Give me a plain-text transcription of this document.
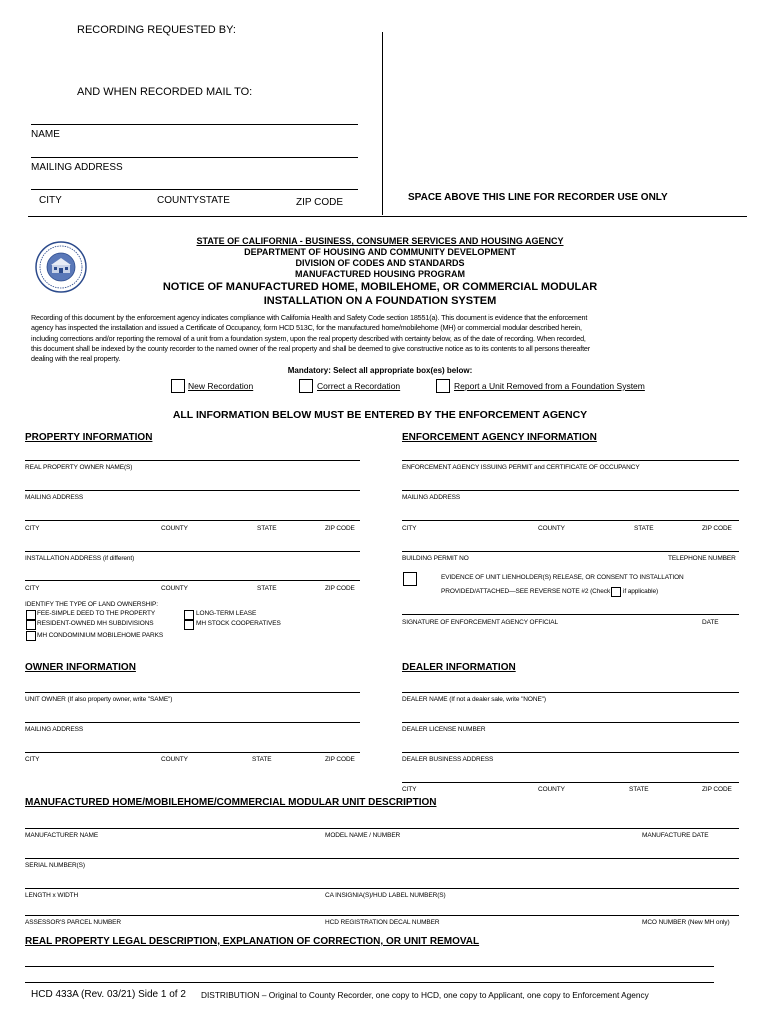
RECORDING REQUESTED BY:
AND WHEN RECORDED MAIL TO:
NAME
MAILING ADDRESS
CITY	COUNTYSTATE	ZIP CODE	SPACE ABOVE THIS LINE FOR RECORDER USE ONLY
STATE OF CALIFORNIA - BUSINESS, CONSUMER SERVICES AND HOUSING AGENCY
DEPARTMENT OF HOUSING AND COMMUNITY DEVELOPMENT
DIVISION OF CODES AND STANDARDS
MANUFACTURED HOUSING PROGRAM
NOTICE OF MANUFACTURED HOME, MOBILEHOME, OR COMMERCIAL MODULAR
INSTALLATION ON A FOUNDATION SYSTEM
Recording of this document by the enforcement agency indicates compliance with California Health and Safety Code section 18551(a). This document is evidence that the enforcement
agency has inspected the installation and issued a Certificate of Occupancy, form HCD 513C, for the manufactured home/mobilehome (MH) or commercial modular described herein,
including corrections and/or reporting the removal of a unit from a foundation system, upon the real property described with certainty below, as of the date of recording. When recorded,
this document shall be indexed by the county recorder to the named owner of the real property and shall be deemed to give constructive notice as to its contents to all persons thereafter
dealing with the real property.
Mandatory: Select all appropriate box(es) below:
New Recordation	Correct a Recordation	Report a Unit Removed from a Foundation System
ALL INFORMATION BELOW MUST BE ENTERED BY THE ENFORCEMENT AGENCY
PROPERTY INFORMATION
REAL PROPERTY OWNER NAME(S)
MAILING ADDRESS
CITY	COUNTY	STATE	ZIP CODE
INSTALLATION ADDRESS (if different)
CITY	COUNTY	STATE	ZIP CODE
IDENTIFY THE TYPE OF LAND OWNERSHIP:
FEE-SIMPLE DEED TO THE PROPERTY
RESIDENT-OWNED MH SUBDIVISIONS
MH CONDOMINIUM MOBILEHOME PARKS
LONG-TERM LEASE
MH STOCK COOPERATIVES
ENFORCEMENT AGENCY INFORMATION
ENFORCEMENT AGENCY ISSUING PERMIT and CERTIFICATE OF OCCUPANCY
MAILING ADDRESS
CITY	COUNTY	STATE	ZIP CODE
BUILDING PERMIT NO	TELEPHONE NUMBER
EVIDENCE OF UNIT LIENHOLDER(S) RELEASE, OR CONSENT TO INSTALLATION
PROVIDED/ATTACHED—SEE REVERSE NOTE #2 (Check if applicable)
SIGNATURE OF ENFORCEMENT AGENCY OFFICIAL	DATE
OWNER INFORMATION
UNIT OWNER (If also property owner, write "SAME")
MAILING ADDRESS
CITY	COUNTY	STATE	ZIP CODE
DEALER INFORMATION
DEALER NAME (If not a dealer sale, write "NONE")
DEALER LICENSE NUMBER
DEALER BUSINESS ADDRESS
CITY	COUNTY	STATE	ZIP CODE
MANUFACTURED HOME/MOBILEHOME/COMMERCIAL MODULAR UNIT DESCRIPTION
MANUFACTURER NAME	MODEL NAME / NUMBER	MANUFACTURE DATE
SERIAL NUMBER(S)
LENGTH x WIDTH	CA INSIGNIA(S)/HUD LABEL NUMBER(S)
ASSESSOR'S PARCEL NUMBER	HCD REGISTRATION DECAL NUMBER	MCO NUMBER (New MH only)
REAL PROPERTY LEGAL DESCRIPTION, EXPLANATION OF CORRECTION, OR UNIT REMOVAL
HCD 433A (Rev. 03/21) Side 1 of 2 DISTRIBUTION – Original to County Recorder, one copy to HCD, one copy to Applicant, one copy to Enforcement Agency
